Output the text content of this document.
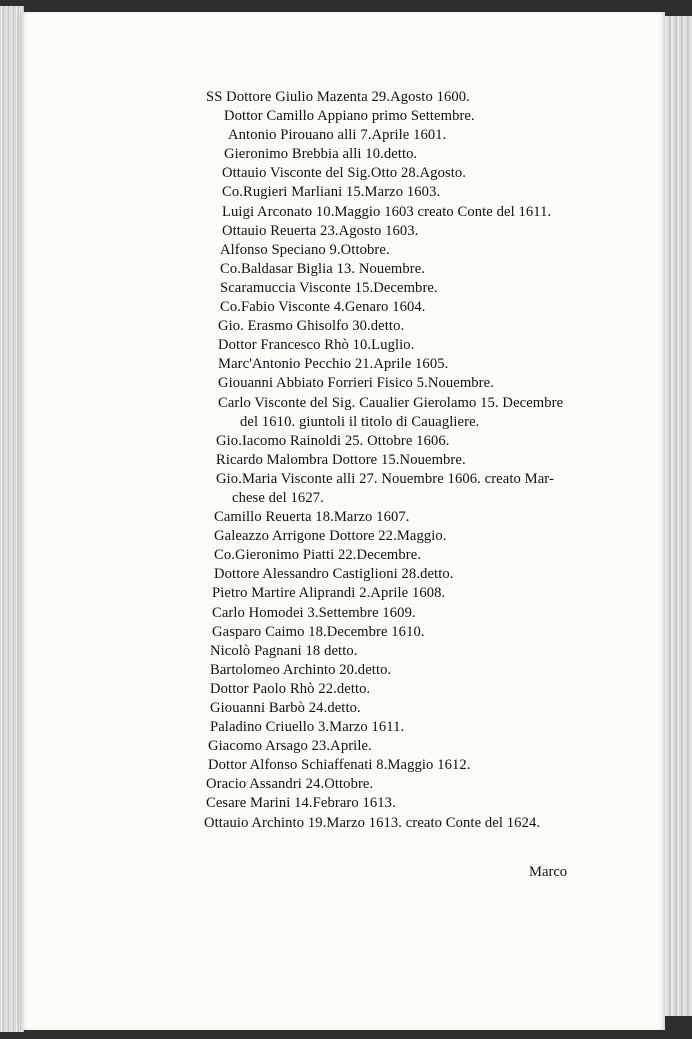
SS Dottore Giulio Mazenta 29.Agosto 1600.
Dottor Camillo Appiano primo Settembre.
Antonio Pirouano alli 7.Aprile 1601.
Gieronimo Brebbia alli 10.detto.
Ottauio Visconte del Sig.Otto 28.Agosto.
Co.Rugieri Marliani 15.Marzo 1603.
Luigi Arconato 10.Maggio 1603 creato Conte del 1611.
Ottauio Reuerta 23.Agosto 1603.
Alfonso Speciano 9.Ottobre.
Co.Baldasar Biglia 13. Nouembre.
Scaramuccia Visconte 15.Decembre.
Co.Fabio Visconte 4.Genaro 1604.
Gio. Erasmo Ghisolfo 30.detto.
Dottor Francesco Rhò 10.Luglio.
Marc'Antonio Pecchio 21.Aprile 1605.
Giouanni Abbiato Forrieri Fisico 5.Nouembre.
Carlo Visconte del Sig. Caualier Gierolamo 15. Decembre
del 1610. giuntoli il titolo di Cauagliere.
Gio.Iacomo Rainoldi 25. Ottobre 1606.
Ricardo Malombra Dottore 15.Nouembre.
Gio.Maria Visconte alli 27. Nouembre 1606. creato Mar-
chese del 1627.
Camillo Reuerta 18.Marzo 1607.
Galeazzo Arrigone Dottore 22.Maggio.
Co.Gieronimo Piatti 22.Decembre.
Dottore Alessandro Castiglioni 28.detto.
Pietro Martire Aliprandi 2.Aprile 1608.
Carlo Homodei 3.Settembre 1609.
Gasparo Caimo 18.Decembre 1610.
Nicolò Pagnani 18 detto.
Bartolomeo Archinto 20.detto.
Dottor Paolo Rhò 22.detto.
Giouanni Barbò 24.detto.
Paladino Criuello 3.Marzo 1611.
Giacomo Arsago 23.Aprile.
Dottor Alfonso Schiaffenati 8.Maggio 1612.
Oracio Assandri 24.Ottobre.
Cesare Marini 14.Febraro 1613.
Ottauio Archinto 19.Marzo 1613. creato Conte del 1624.
Marco
